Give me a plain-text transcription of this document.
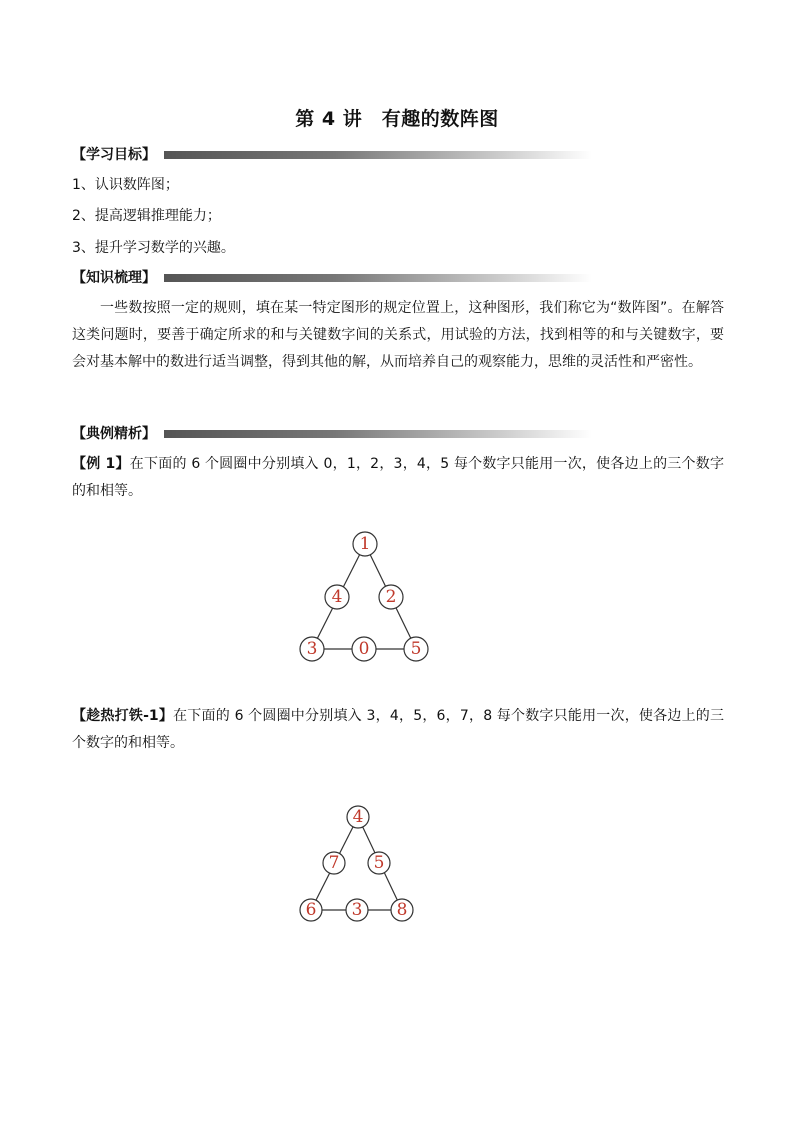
第 4 讲　有趣的数阵图
【学习目标】
1、认识数阵图；
2、提高逻辑推理能力；
3、提升学习数学的兴趣。
【知识梳理】
一些数按照一定的规则，填在某一特定图形的规定位置上，这种图形，我们称它为“数阵图”。在解答这类问题时，要善于确定所求的和与关键数字间的关系式，用试验的方法，找到相等的和与关键数字，要会对基本解中的数进行适当调整，得到其他的解，从而培养自己的观察能力，思维的灵活性和严密性。
【典例精析】
【例 1】在下面的 6 个圆圈中分别填入 0，1，2，3，4，5 每个数字只能用一次，使各边上的三个数字的和相等。
1
4	2
3 0 5
【趁热打铁-1】在下面的 6 个圆圈中分别填入 3，4，5，6，7，8 每个数字只能用一次，使各边上的三个数字的和相等。
4
7 5
6 3 8
